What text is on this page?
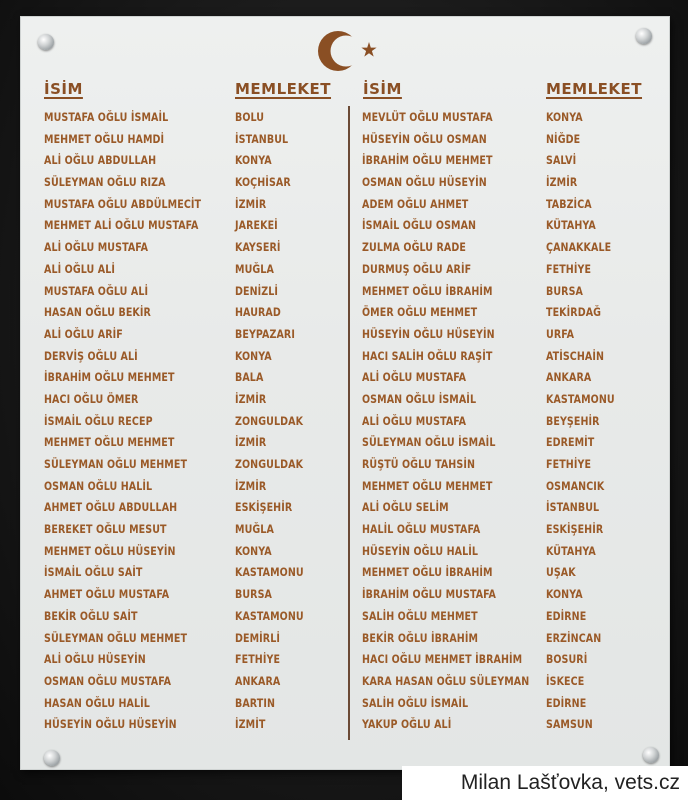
İSİM	MEMLEKET İSİM	MEMLEKET
MUSTAFA OĞLU İSMAİL	BOLU
MEHMET OĞLU HAMDİ	İSTANBUL
ALİ OĞLU ABDULLAH	KONYA
SÜLEYMAN OĞLU RIZA	KOÇHİSAR
MUSTAFA OĞLU ABDÜLMECİT	İZMİR
MEHMET ALİ OĞLU MUSTAFA	JAREKEİ
ALİ OĞLU MUSTAFA	KAYSERİ
ALİ OĞLU ALİ	MUĞLA
MUSTAFA OĞLU ALİ	DENİZLİ
HASAN OĞLU BEKİR	HAURAD
ALİ OĞLU ARİF	BEYPAZARI
DERVİŞ OĞLU ALİ	KONYA
İBRAHİM OĞLU MEHMET	BALA
HACI OĞLU ÖMER	İZMİR
İSMAİL OĞLU RECEP	ZONGULDAK
MEHMET OĞLU MEHMET	İZMİR
SÜLEYMAN OĞLU MEHMET	ZONGULDAK
OSMAN OĞLU HALİL	İZMİR
AHMET OĞLU ABDULLAH	ESKİŞEHİR
BEREKET OĞLU MESUT	MUĞLA
MEHMET OĞLU HÜSEYİN	KONYA
İSMAİL OĞLU SAİT	KASTAMONU
AHMET OĞLU MUSTAFA	BURSA
BEKİR OĞLU SAİT	KASTAMONU
SÜLEYMAN OĞLU MEHMET	DEMİRLİ
ALİ OĞLU HÜSEYİN	FETHİYE
OSMAN OĞLU MUSTAFA	ANKARA
HASAN OĞLU HALİL	BARTIN
HÜSEYİN OĞLU HÜSEYİN	İZMİT
MEVLÜT OĞLU MUSTAFA	KONYA
HÜSEYİN OĞLU OSMAN	NİĞDE
İBRAHİM OĞLU MEHMET	SALVİ
OSMAN OĞLU HÜSEYİN	İZMİR
ADEM OĞLU AHMET	TABZİCA
İSMAİL OĞLU OSMAN	KÜTAHYA
ZULMA OĞLU RADE	ÇANAKKALE
DURMUŞ OĞLU ARİF	FETHİYE
MEHMET OĞLU İBRAHİM	BURSA
ÖMER OĞLU MEHMET	TEKİRDAĞ
HÜSEYİN OĞLU HÜSEYİN	URFA
HACI SALİH OĞLU RAŞİT	ATİSCHAİN
ALİ OĞLU MUSTAFA	ANKARA
OSMAN OĞLU İSMAİL	KASTAMONU
ALİ OĞLU MUSTAFA	BEYŞEHİR
SÜLEYMAN OĞLU İSMAİL	EDREMİT
RÜŞTÜ OĞLU TAHSİN	FETHİYE
MEHMET OĞLU MEHMET	OSMANCIK
ALİ OĞLU SELİM	İSTANBUL
HALİL OĞLU MUSTAFA	ESKİŞEHİR
HÜSEYİN OĞLU HALİL	KÜTAHYA
MEHMET OĞLU İBRAHİM	UŞAK
İBRAHİM OĞLU MUSTAFA	KONYA
SALİH OĞLU MEHMET	EDİRNE
BEKİR OĞLU İBRAHİM	ERZİNCAN
HACI OĞLU MEHMET İBRAHİM BOSURİ
KARA HASAN OĞLU SÜLEYMAN İSKECE
SALİH OĞLU İSMAİL	EDİRNE
YAKUP OĞLU ALİ	SAMSUN
Milan Lašťovka, vets.cz
